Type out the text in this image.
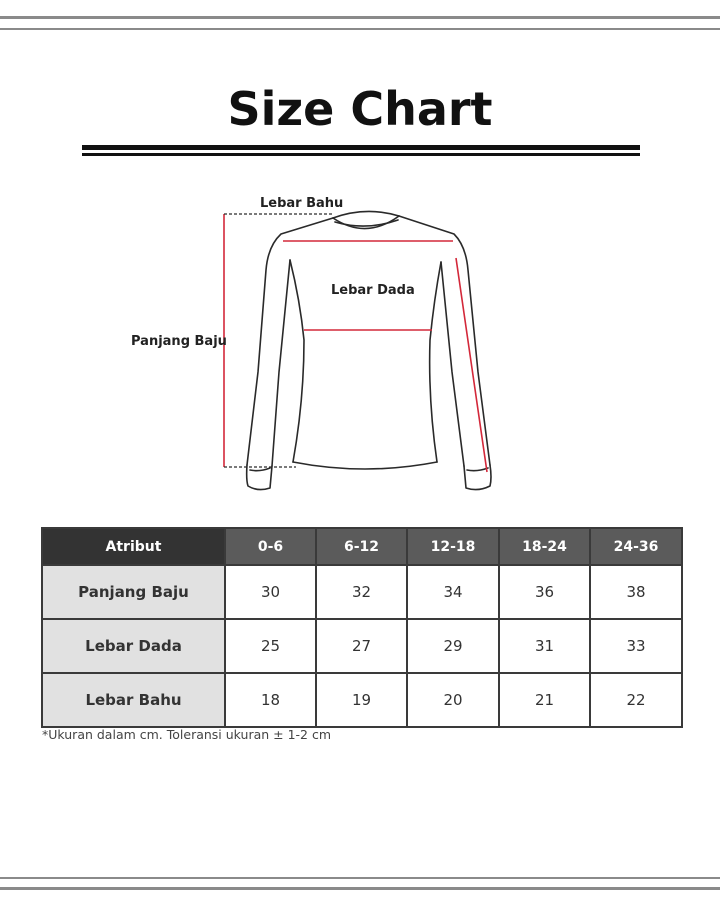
Size Chart
Lebar Bahu
Lebar Dada
Panjang Baju
Atribut	0-6	6-12	12-18	18-24	24-36
Panjang Baju	30	32	34	36	38
Lebar Dada	25	27	29	31	33
Lebar Bahu	18	19	20	21	22
*Ukuran dalam cm. Toleransi ukuran ± 1-2 cm
